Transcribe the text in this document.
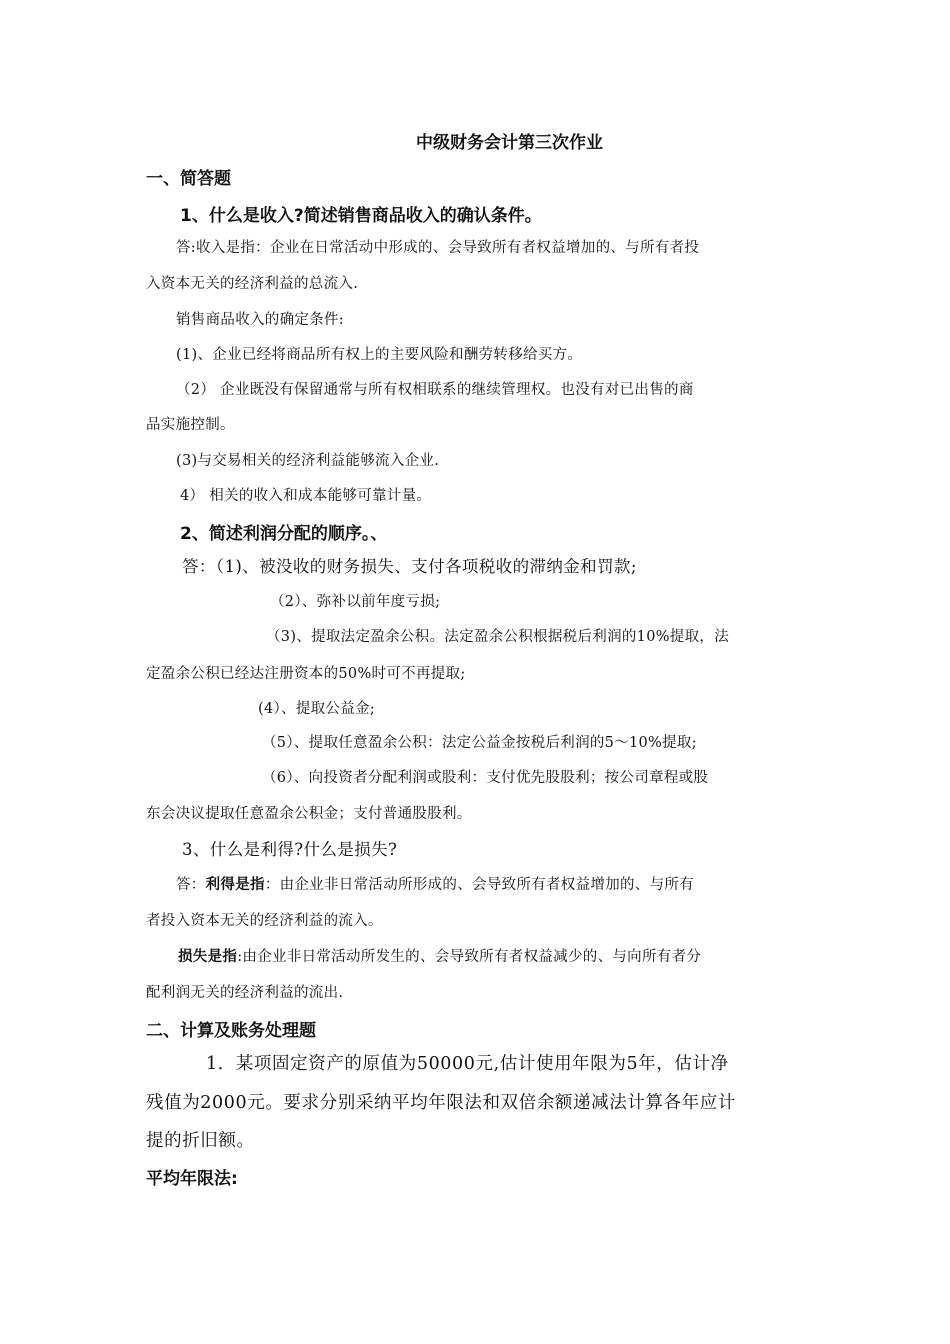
中级财务会计第三次作业

一、简答题

1、什么是收入?简述销售商品收入的确认条件。

答:收入是指：企业在日常活动中形成的、会导致所有者权益增加的、与所有者投

入资本无关的经济利益的总流入.

销售商品收入的确定条件:

(1)、企业已经将商品所有权上的主要风险和酬劳转移给买方。

（2） 企业既没有保留通常与所有权相联系的继续管理权。也没有对已出售的商

品实施控制。

(3)与交易相关的经济利益能够流入企业.

4） 相关的收入和成本能够可靠计量。

2、简述利润分配的顺序。、

答：（1)、被没收的财务损失、支付各项税收的滞纳金和罚款;

（2）、弥补以前年度亏损;

（3)、提取法定盈余公积。法定盈余公积根据税后利润的10%提取，法

定盈余公积已经达注册资本的50%时可不再提取;

(4）、提取公益金;

（5）、提取任意盈余公积：法定公益金按税后利润的5～10%提取;

（6）、向投资者分配利润或股利：支付优先股股利；按公司章程或股

东会决议提取任意盈余公积金；支付普通股股利。

3、什么是利得?什么是损失?

答：利得是指：由企业非日常活动所形成的、会导致所有者权益增加的、与所有

者投入资本无关的经济利益的流入。

损失是指:由企业非日常活动所发生的、会导致所有者权益减少的、与向所有者分

配利润无关的经济利益的流出.

二、计算及账务处理题

1．某项固定资产的原值为50000元,估计使用年限为5年，估计净

残值为2000元。要求分别采纳平均年限法和双倍余额递减法计算各年应计

提的折旧额。

平均年限法:
